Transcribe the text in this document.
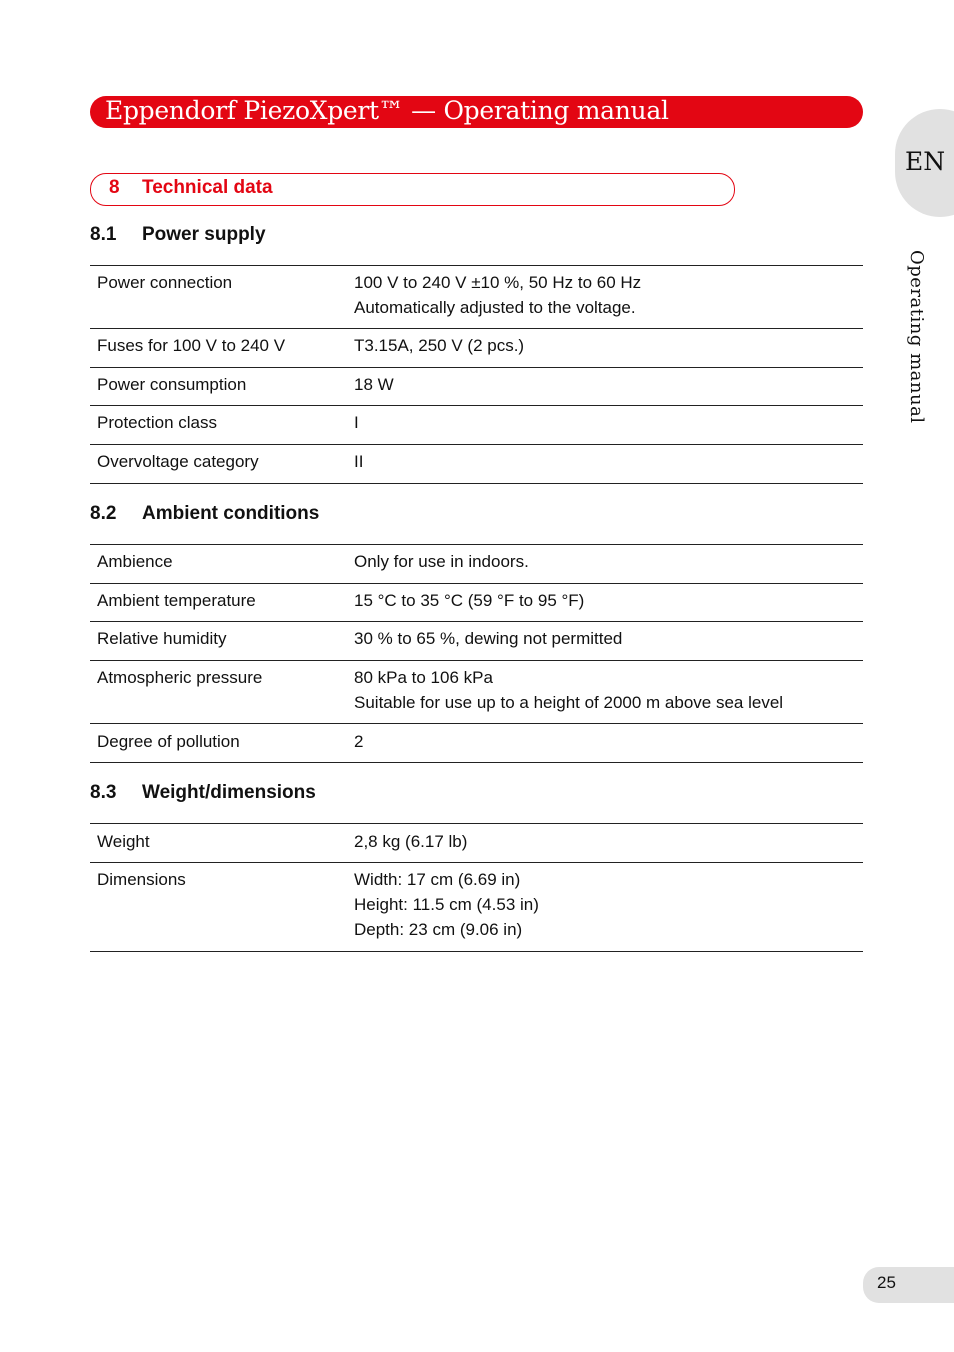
Eppendorf PiezoXpert™ — Operating manual
EN
Operating manual
8 Technical data
8.1 Power supply
Power connection	100 V to 240 V ±10 %, 50 Hz to 60 Hz
Automatically adjusted to the voltage.
Fuses for 100 V to 240 V	T3.15A, 250 V (2 pcs.)
Power consumption	18 W
Protection class	I
Overvoltage category	II
8.2 Ambient conditions
Ambience	Only for use in indoors.
Ambient temperature	15 °C to 35 °C (59 °F to 95 °F)
Relative humidity	30 % to 65 %, dewing not permitted
Atmospheric pressure	80 kPa to 106 kPa
Suitable for use up to a height of 2000 m above sea level
Degree of pollution	2
8.3 Weight/dimensions
Weight	2,8 kg (6.17 lb)
Dimensions	Width: 17 cm (6.69 in)
Height: 11.5 cm (4.53 in)
Depth: 23 cm (9.06 in)
25
